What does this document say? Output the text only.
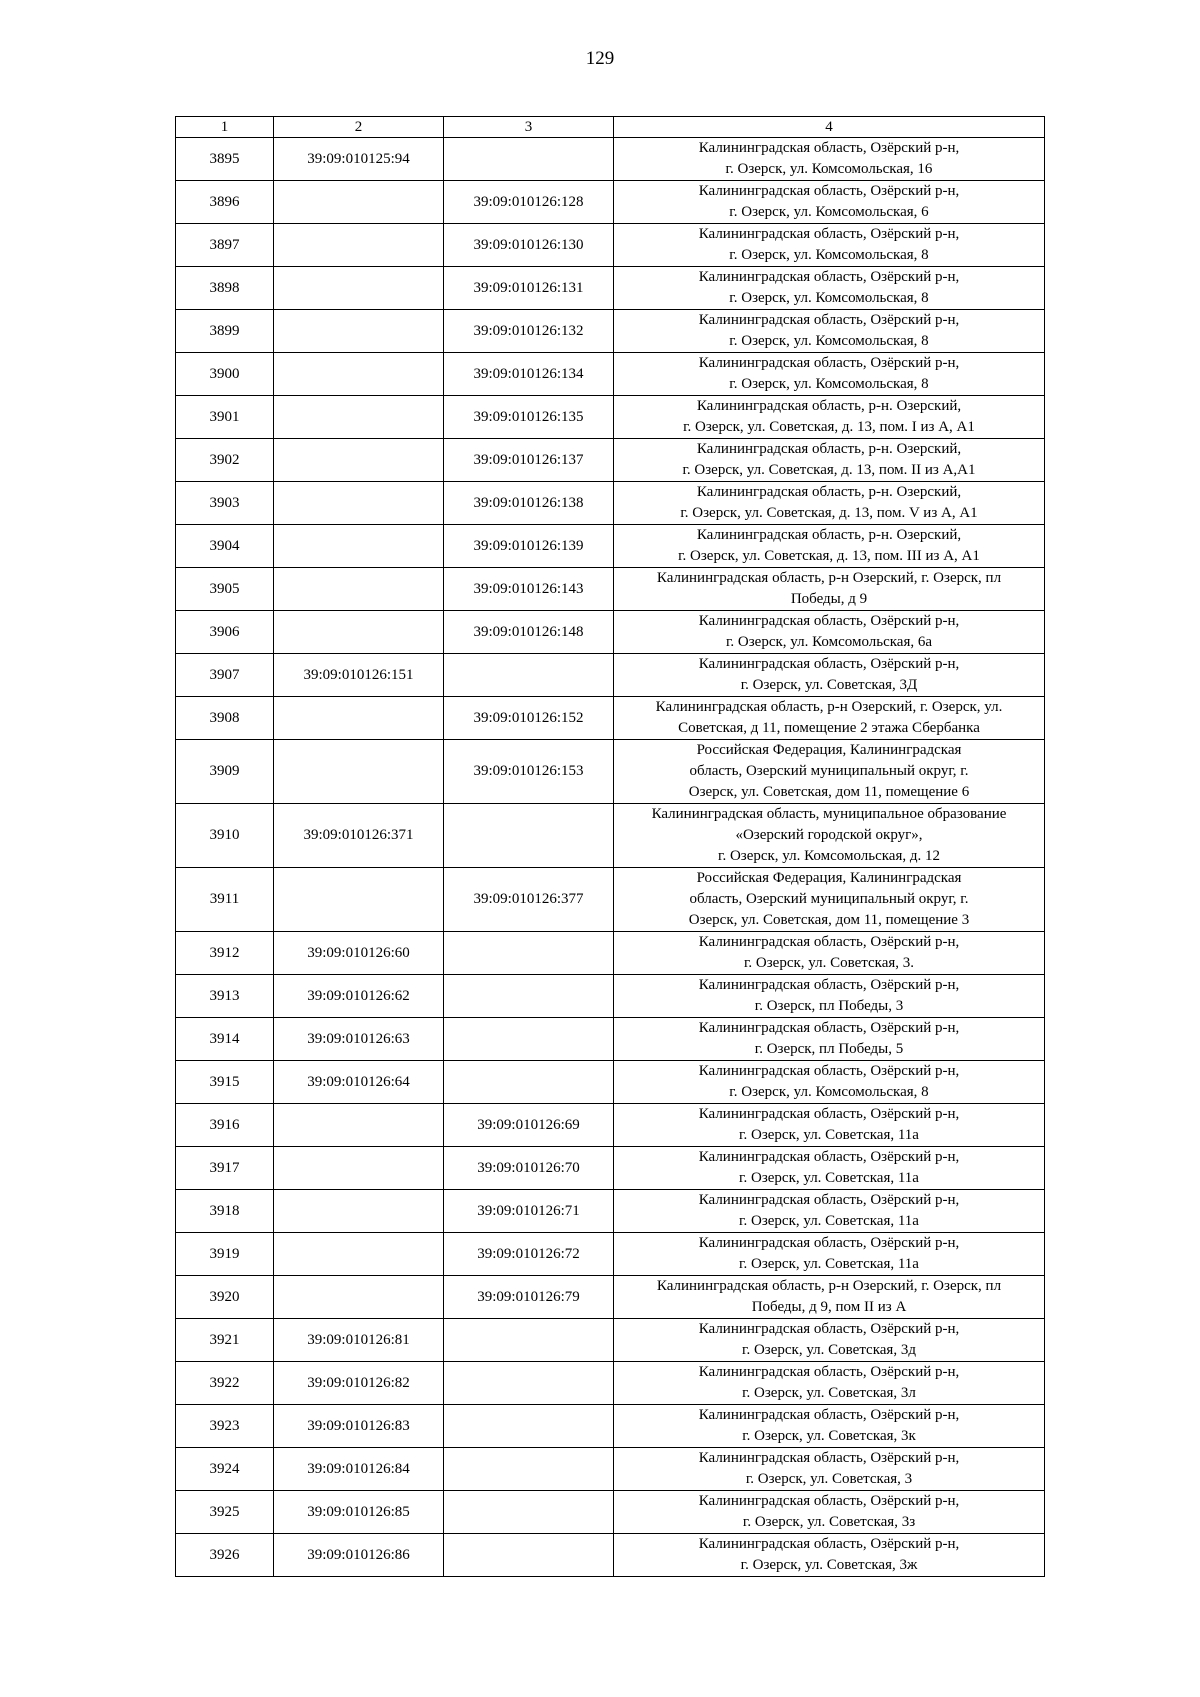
129
1	2	3	4
3895	39:09:010125:94		Калининградская область, Озёрский р-н,
г. Озерск, ул. Комсомольская, 16
3896		39:09:010126:128	Калининградская область, Озёрский р-н,
г. Озерск, ул. Комсомольская, 6
3897		39:09:010126:130	Калининградская область, Озёрский р-н,
г. Озерск, ул. Комсомольская, 8
3898		39:09:010126:131	Калининградская область, Озёрский р-н,
г. Озерск, ул. Комсомольская, 8
3899		39:09:010126:132	Калининградская область, Озёрский р-н,
г. Озерск, ул. Комсомольская, 8
3900		39:09:010126:134	Калининградская область, Озёрский р-н,
г. Озерск, ул. Комсомольская, 8
3901		39:09:010126:135	Калининградская область, р-н. Озерский,
г. Озерск, ул. Советская, д. 13, пом. I из А, А1
3902		39:09:010126:137	Калининградская область, р-н. Озерский,
г. Озерск, ул. Советская, д. 13, пом. II из А,А1
3903		39:09:010126:138	Калининградская область, р-н. Озерский,
г. Озерск, ул. Советская, д. 13, пом. V из А, А1
3904		39:09:010126:139	Калининградская область, р-н. Озерский,
г. Озерск, ул. Советская, д. 13, пом. III из А, А1
3905		39:09:010126:143	Калининградская область, р-н Озерский, г. Озерск, пл
Победы, д 9
3906		39:09:010126:148	Калининградская область, Озёрский р-н,
г. Озерск, ул. Комсомольская, 6а
3907	39:09:010126:151		Калининградская область, Озёрский р-н,
г. Озерск, ул. Советская, 3Д
3908		39:09:010126:152	Калининградская область, р-н Озерский, г. Озерск, ул.
Советская, д 11, помещение 2 этажа Сбербанка
3909		39:09:010126:153	Российская Федерация, Калининградская
область, Озерский муниципальный округ, г.
Озерск, ул. Советская, дом 11, помещение 6
3910	39:09:010126:371		Калининградская область, муниципальное образование
«Озерский городской округ»,
г. Озерск, ул. Комсомольская, д. 12
3911		39:09:010126:377	Российская Федерация, Калининградская
область, Озерский муниципальный округ, г.
Озерск, ул. Советская, дом 11, помещение 3
3912	39:09:010126:60		Калининградская область, Озёрский р-н,
г. Озерск, ул. Советская, 3.
3913	39:09:010126:62		Калининградская область, Озёрский р-н,
г. Озерск, пл Победы, 3
3914	39:09:010126:63		Калининградская область, Озёрский р-н,
г. Озерск, пл Победы, 5
3915	39:09:010126:64		Калининградская область, Озёрский р-н,
г. Озерск, ул. Комсомольская, 8
3916		39:09:010126:69	Калининградская область, Озёрский р-н,
г. Озерск, ул. Советская, 11а
3917		39:09:010126:70	Калининградская область, Озёрский р-н,
г. Озерск, ул. Советская, 11а
3918		39:09:010126:71	Калининградская область, Озёрский р-н,
г. Озерск, ул. Советская, 11а
3919		39:09:010126:72	Калининградская область, Озёрский р-н,
г. Озерск, ул. Советская, 11а
3920		39:09:010126:79	Калининградская область, р-н Озерский, г. Озерск, пл
Победы, д 9, пом II из А
3921	39:09:010126:81		Калининградская область, Озёрский р-н,
г. Озерск, ул. Советская, 3д
3922	39:09:010126:82		Калининградская область, Озёрский р-н,
г. Озерск, ул. Советская, 3л
3923	39:09:010126:83		Калининградская область, Озёрский р-н,
г. Озерск, ул. Советская, 3к
3924	39:09:010126:84		Калининградская область, Озёрский р-н,
г. Озерск, ул. Советская, 3
3925	39:09:010126:85		Калининградская область, Озёрский р-н,
г. Озерск, ул. Советская, 3з
3926	39:09:010126:86		Калининградская область, Озёрский р-н,
г. Озерск, ул. Советская, 3ж
